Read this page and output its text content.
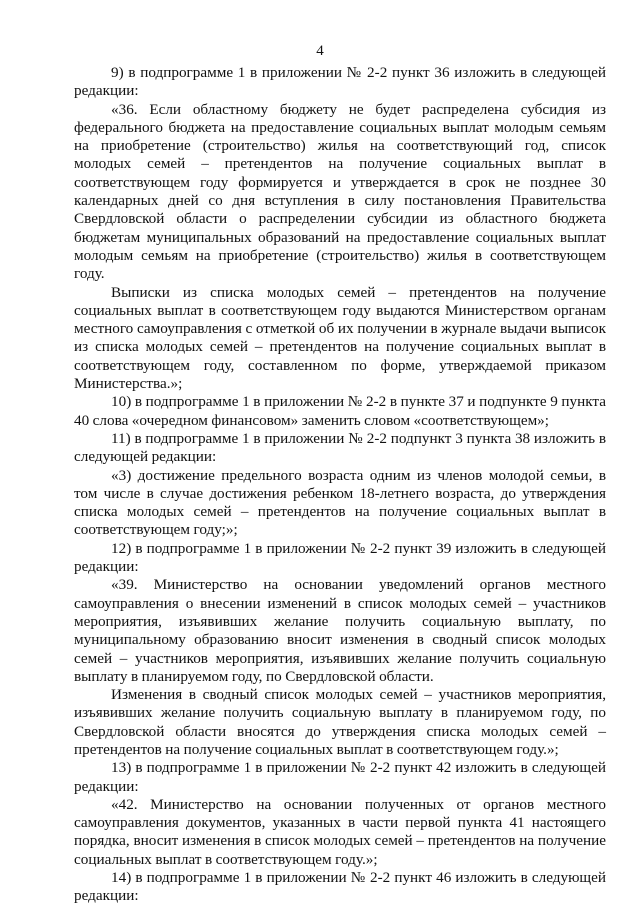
4

9) в подпрограмме 1 в приложении № 2-2 пункт 36 изложить в следующей редакции:

«36. Если областному бюджету не будет распределена субсидия из федерального бюджета на предоставление социальных выплат молодым семьям на приобретение (строительство) жилья на соответствующий год, список молодых семей – претендентов на получение социальных выплат в соответствующем году формируется и утверждается в срок не позднее 30 календарных дней со дня вступления в силу постановления Правительства Свердловской области о распределении субсидии из областного бюджета бюджетам муниципальных образований на предоставление социальных выплат молодым семьям на приобретение (строительство) жилья в соответствующем году.

Выписки из списка молодых семей – претендентов на получение социальных выплат в соответствующем году выдаются Министерством органам местного самоуправления с отметкой об их получении в журнале выдачи выписок из списка молодых семей – претендентов на получение социальных выплат в соответствующем году, составленном по форме, утверждаемой приказом Министерства.»;

10) в подпрограмме 1 в приложении № 2-2 в пункте 37 и подпункте 9 пункта 40 слова «очередном финансовом» заменить словом «соответствующем»;

11) в подпрограмме 1 в приложении № 2-2 подпункт 3 пункта 38 изложить в следующей редакции:

«3) достижение предельного возраста одним из членов молодой семьи, в том числе в случае достижения ребенком 18-летнего возраста, до утверждения списка молодых семей – претендентов на получение социальных выплат в соответствующем году;»;

12) в подпрограмме 1 в приложении № 2-2 пункт 39 изложить в следующей редакции:

«39. Министерство на основании уведомлений органов местного самоуправления о внесении изменений в список молодых семей – участников мероприятия, изъявивших желание получить социальную выплату, по муниципальному образованию вносит изменения в сводный список молодых семей – участников мероприятия, изъявивших желание получить социальную выплату в планируемом году, по Свердловской области.

Изменения в сводный список молодых семей – участников мероприятия, изъявивших желание получить социальную выплату в планируемом году, по Свердловской области вносятся до утверждения списка молодых семей – претендентов на получение социальных выплат в соответствующем году.»;

13) в подпрограмме 1 в приложении № 2-2 пункт 42 изложить в следующей редакции:

«42. Министерство на основании полученных от органов местного самоуправления документов, указанных в части первой пункта 41 настоящего порядка, вносит изменения в список молодых семей – претендентов на получение социальных выплат в соответствующем году.»;

14) в подпрограмме 1 в приложении № 2-2 пункт 46 изложить в следующей редакции:
